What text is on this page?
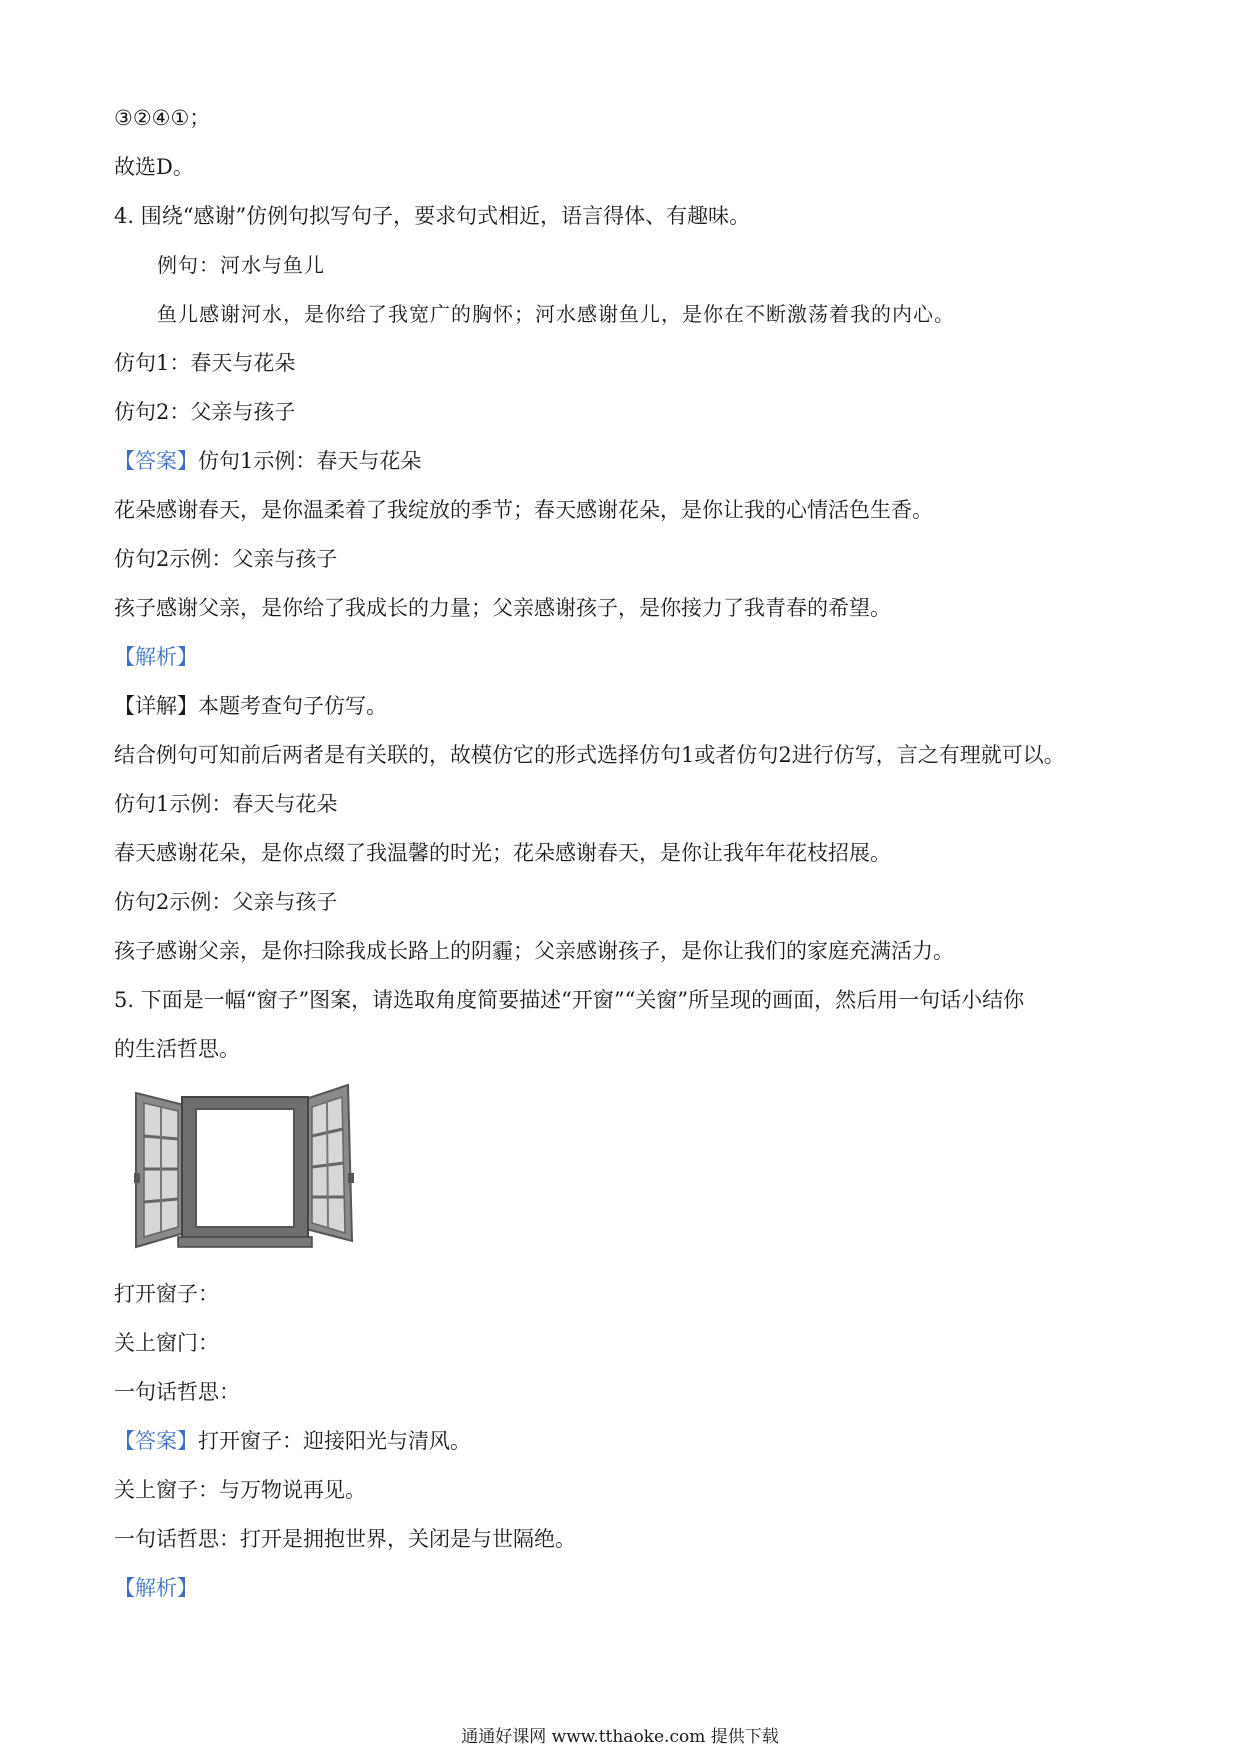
③②④①；
故选D。
4. 围绕“感谢”仿例句拟写句子，要求句式相近，语言得体、有趣味。
例句：河水与鱼儿
鱼儿感谢河水，是你给了我宽广的胸怀；河水感谢鱼儿，是你在不断激荡着我的内心。
仿句1：春天与花朵
仿句2：父亲与孩子
【答案】仿句1示例：春天与花朵
花朵感谢春天，是你温柔着了我绽放的季节；春天感谢花朵，是你让我的心情活色生香。
仿句2示例：父亲与孩子
孩子感谢父亲，是你给了我成长的力量；父亲感谢孩子，是你接力了我青春的希望。
【解析】
【详解】本题考查句子仿写。
结合例句可知前后两者是有关联的，故模仿它的形式选择仿句1或者仿句2进行仿写，言之有理就可以。
仿句1示例：春天与花朵
春天感谢花朵，是你点缀了我温馨的时光；花朵感谢春天，是你让我年年花枝招展。
仿句2示例：父亲与孩子
孩子感谢父亲，是你扫除我成长路上的阴霾；父亲感谢孩子，是你让我们的家庭充满活力。
5. 下面是一幅“窗子”图案，请选取角度简要描述“开窗”“关窗”所呈现的画面，然后用一句话小结你
的生活哲思。
打开窗子：
关上窗门：
一句话哲思：
【答案】打开窗子：迎接阳光与清风。
关上窗子：与万物说再见。
一句话哲思：打开是拥抱世界，关闭是与世隔绝。
【解析】
通通好课网 www.tthaoke.com 提供下载
